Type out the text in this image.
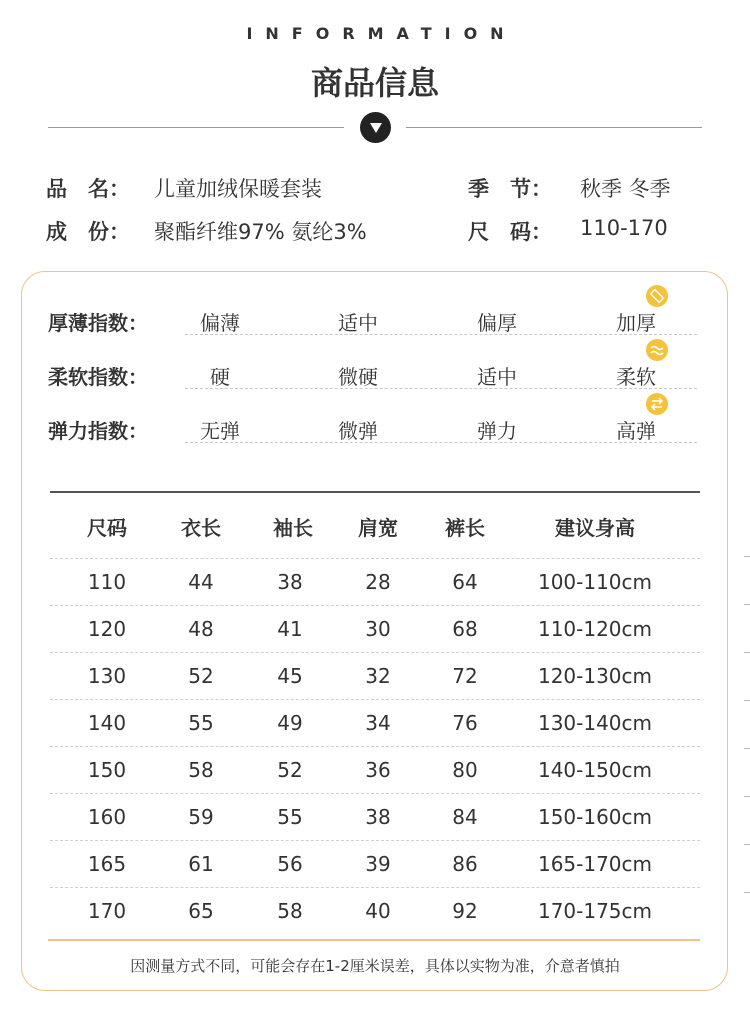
INFORMATION
商品信息
品　名： 儿童加绒保暖套装	季　节： 秋季 冬季
成　份： 聚酯纤维97% 氨纶3%	尺　码： 110-170
厚薄指数：	偏薄	适中	偏厚	加厚
柔软指数：	硬	微硬	适中	柔软
弹力指数：	无弹	微弹	弹力	高弹
尺码	衣长	袖长	肩宽	裤长	建议身高
110	44	38	28	64	100-110cm
120	48	41	30	68	110-120cm
130	52	45	32	72	120-130cm
140	55	49	34	76	130-140cm
150	58	52	36	80	140-150cm
160	59	55	38	84	150-160cm
165	61	56	39	86	165-170cm
170	65	58	40	92	170-175cm
因测量方式不同，可能会存在1-2厘米误差，具体以实物为准，介意者慎拍
